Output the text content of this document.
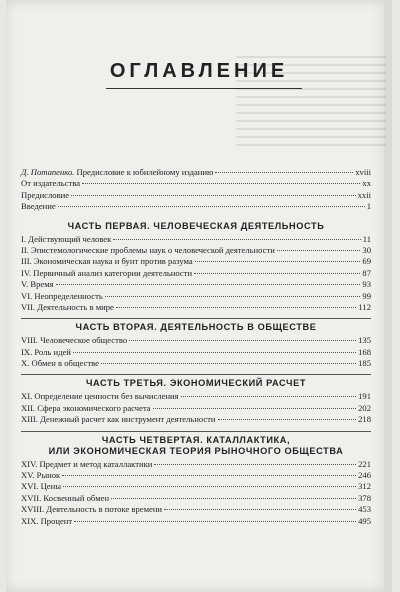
ОГЛАВЛЕНИЕ
Д. Потапенко. Предисловие к юбилейному изданию	xviii
От издательства	xx
Предисловие	xxii
Введение	1
ЧАСТЬ ПЕРВАЯ. ЧЕЛОВЕЧЕСКАЯ ДЕЯТЕЛЬНОСТЬ
I. Действующий человек	11
II. Эпистемологические проблемы наук о человеческой деятельности	30
III. Экономическая наука и бунт против разума	69
IV. Первичный анализ категории деятельности	87
V. Время	93
VI. Неопределенность	99
VII. Деятельность в мире	112
ЧАСТЬ ВТОРАЯ. ДЕЯТЕЛЬНОСТЬ В ОБЩЕСТВЕ
VIII. Человеческое общество	135
IX. Роль идей	168
X. Обмен в обществе	185
ЧАСТЬ ТРЕТЬЯ. ЭКОНОМИЧЕСКИЙ РАСЧЕТ
XI. Определение ценности без вычисления	191
XII. Сфера экономического расчета	202
XIII. Денежный расчет как инструмент деятельности	218
ЧАСТЬ ЧЕТВЕРТАЯ. КАТАЛЛАКТИКА,
ИЛИ ЭКОНОМИЧЕСКАЯ ТЕОРИЯ РЫНОЧНОГО ОБЩЕСТВА
XIV. Предмет и метод каталлактики	221
XV. Рынок	246
XVI. Цены	312
XVII. Косвенный обмен	378
XVIII. Деятельность в потоке времени	453
XIX. Процент	495
